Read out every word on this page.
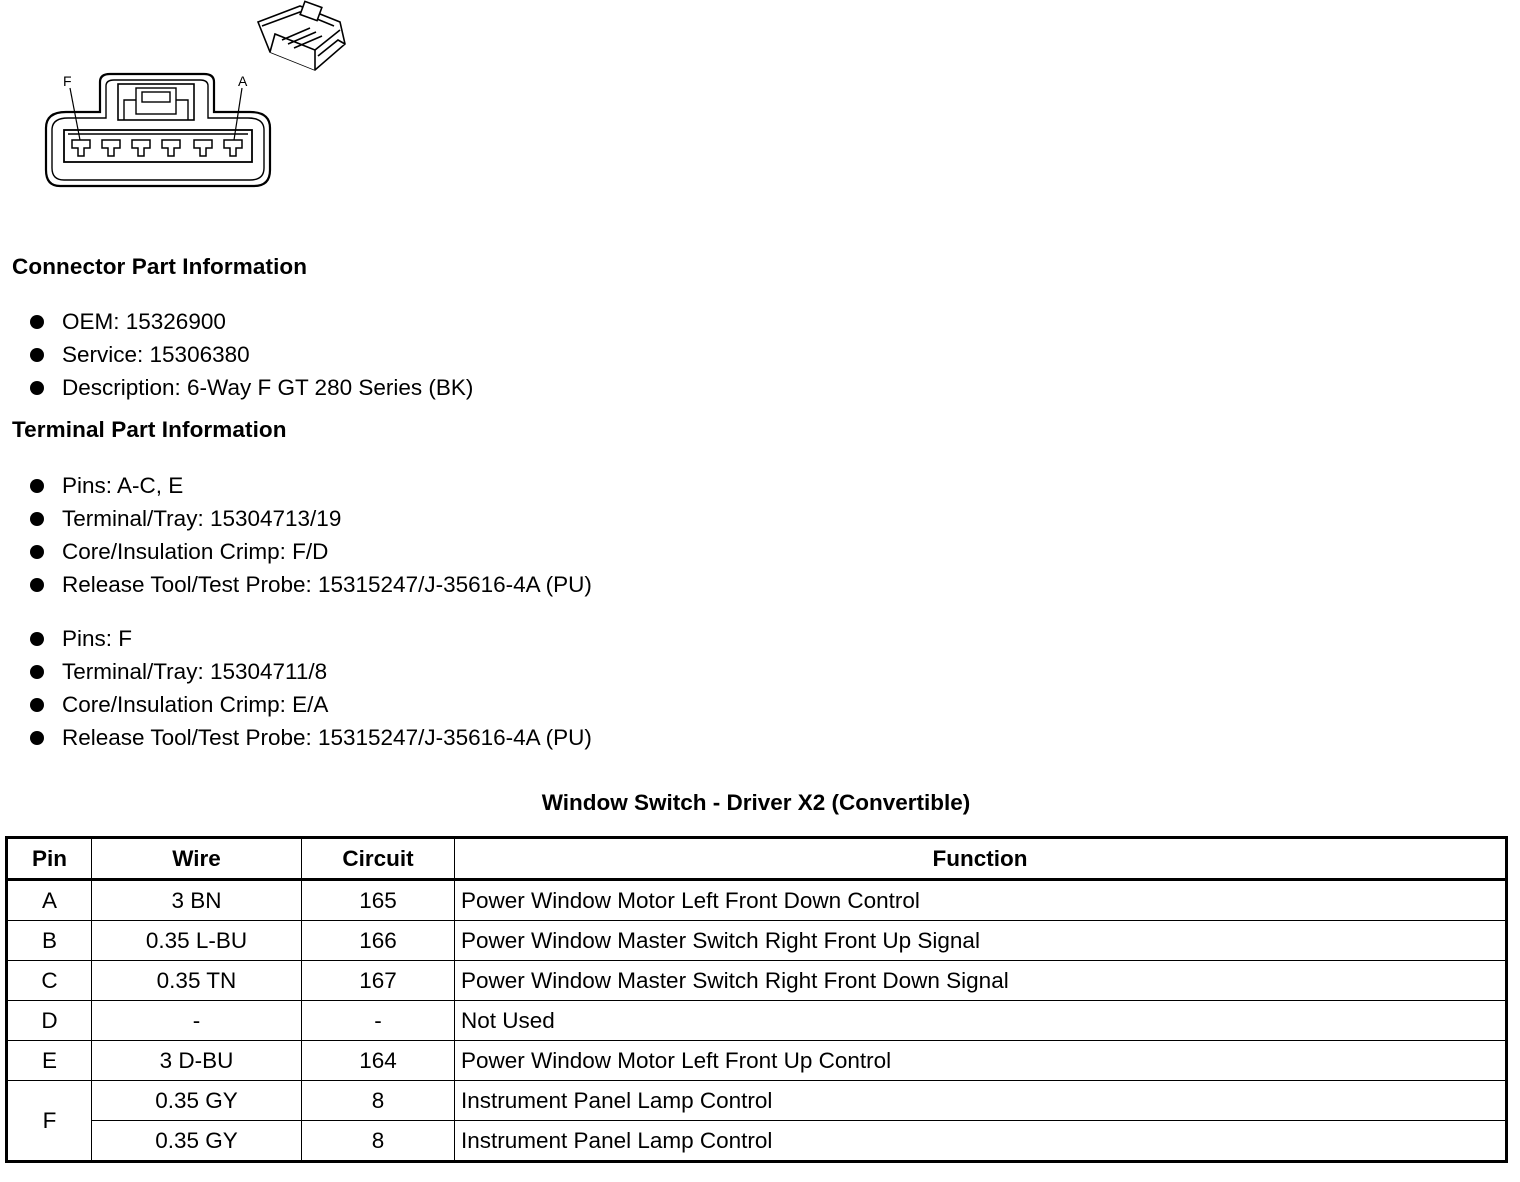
F	A
Connector Part Information
OEM: 15326900
Service: 15306380
Description: 6-Way F GT 280 Series (BK)
Terminal Part Information
Pins: A-C, E
Terminal/Tray: 15304713/19
Core/Insulation Crimp: F/D
Release Tool/Test Probe: 15315247/J-35616-4A (PU)
Pins: F
Terminal/Tray: 15304711/8
Core/Insulation Crimp: E/A
Release Tool/Test Probe: 15315247/J-35616-4A (PU)
Window Switch - Driver X2 (Convertible)
Pin	Wire	Circuit	Function
A	3 BN	165	Power Window Motor Left Front Down Control
B	0.35 L-BU	166	Power Window Master Switch Right Front Up Signal
C	0.35 TN	167	Power Window Master Switch Right Front Down Signal
D	-	-	Not Used
E	3 D-BU	164	Power Window Motor Left Front Up Control
F	0.35 GY	8	Instrument Panel Lamp Control
	0.35 GY	8	Instrument Panel Lamp Control
